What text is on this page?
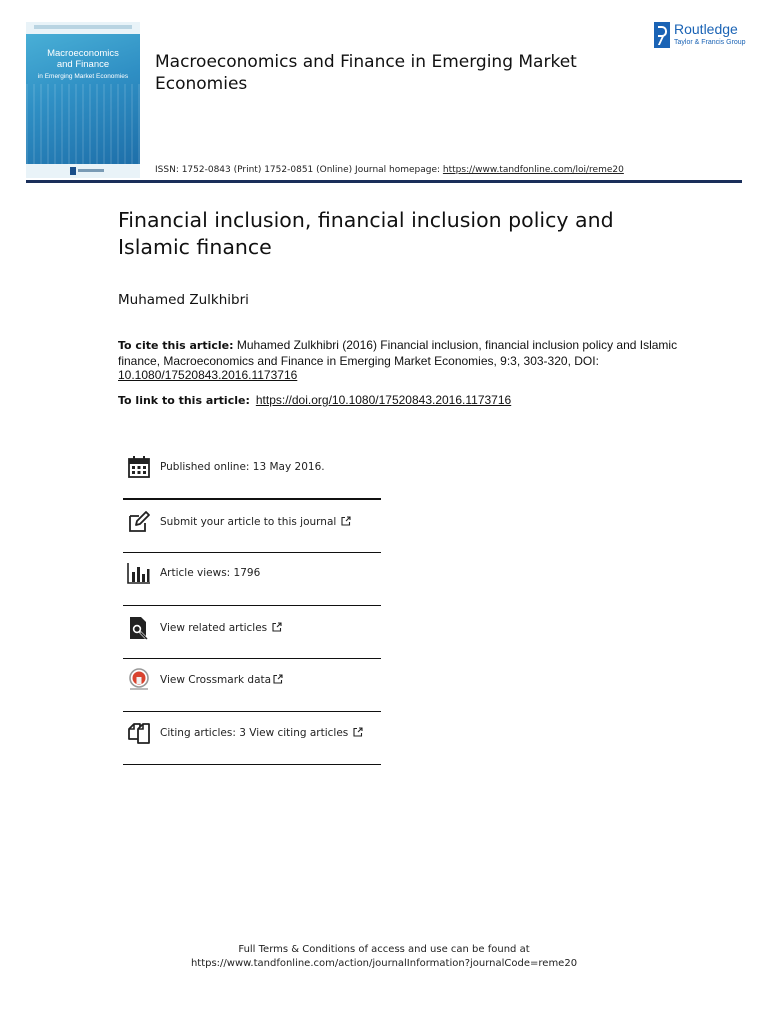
Macroeconomics
and Finance
in Emerging Market Economies
Macroeconomics and Finance in Emerging Market Economies
Routledge
Taylor & Francis Group
ISSN: 1752-0843 (Print) 1752-0851 (Online) Journal homepage: https://www.tandfonline.com/loi/reme20
Financial inclusion, financial inclusion policy and Islamic finance
Muhamed Zulkhibri
To cite this article: Muhamed Zulkhibri (2016) Financial inclusion, financial inclusion policy and Islamic finance, Macroeconomics and Finance in Emerging Market Economies, 9:3, 303-320, DOI: 10.1080/17520843.2016.1173716
To link to this article: https://doi.org/10.1080/17520843.2016.1173716
Published online: 13 May 2016.
Submit your article to this journal
Article views: 1796
View related articles
View Crossmark data
Citing articles: 3 View citing articles
Full Terms & Conditions of access and use can be found at
https://www.tandfonline.com/action/journalInformation?journalCode=reme20
